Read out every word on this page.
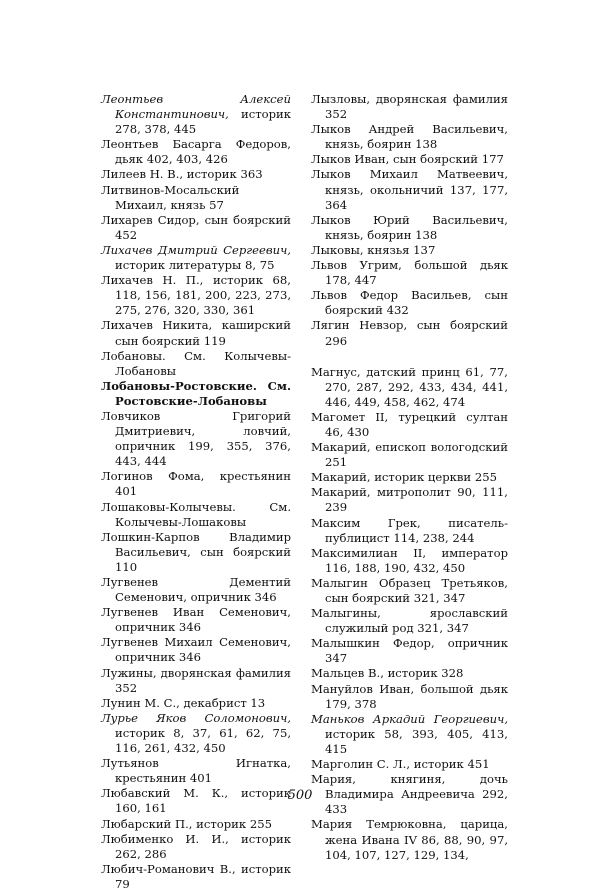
Леонтьев Алексей Константинович, историк 278, 378, 445
Леонтьев Басарга Федоров, дьяк 402, 403, 426
Лилеев Н. В., историк 363
Литвинов-Мосальский Михаил, князь 57
Лихарев Сидор, сын боярский 452
Лихачев Дмитрий Сергеевич, историк литературы 8, 75
Лихачев Н. П., историк 68, 118, 156, 181, 200, 223, 273, 275, 276, 320, 330, 361
Лихачев Никита, каширский сын боярский 119
Лобановы. См. Колычевы-Лобановы
Лобановы-Ростовские. См. Ростовские-Лобановы
Ловчиков Григорий Дмитриевич, ловчий, опричник 199, 355, 376, 443, 444
Логинов Фома, крестьянин 401
Лошаковы-Колычевы. См. Колычевы-Лошаковы
Лошкин-Карпов Владимир Васильевич, сын боярский 110
Лугвенев Дементий Семенович, опричник 346
Лугвенев Иван Семенович, опричник 346
Лугвенев Михаил Семенович, опричник 346
Лужины, дворянская фамилия 352
Лунин М. С., декабрист 13
Лурье Яков Соломонович, историк 8, 37, 61, 62, 75, 116, 261, 432, 450
Лутьянов Игнатка, крестьянин 401
Любавский М. К., историк 160, 161
Любарский П., историк 255
Любименко И. И., историк 262, 286
Любич-Романович В., историк 79
Лызловы, дворянская фамилия 352
Лыков Андрей Васильевич, князь, боярин 138
Лыков Иван, сын боярский 177
Лыков Михаил Матвеевич, князь, окольничий 137, 177, 364
Лыков Юрий Васильевич, князь, боярин 138
Лыковы, князья 137
Львов Угрим, большой дьяк 178, 447
Львов Федор Васильев, сын боярский 432
Лягин Невзор, сын боярский 296
Магнус, датский принц 61, 77, 270, 287, 292, 433, 434, 441, 446, 449, 458, 462, 474
Магомет II, турецкий султан 46, 430
Макарий, епископ вологодский 251
Макарий, историк церкви 255
Макарий, митрополит 90, 111, 239
Максим Грек, писатель-публицист 114, 238, 244
Максимилиан II, император 116, 188, 190, 432, 450
Малыгин Образец Третьяков, сын боярский 321, 347
Малыгины, ярославский служилый род 321, 347
Малышкин Федор, опричник 347
Мальцев В., историк 328
Мануйлов Иван, большой дьяк 179, 378
Маньков Аркадий Георгиевич, историк 58, 393, 405, 413, 415
Марголин С. Л., историк 451
Мария, княгиня, дочь Владимира Андреевича 292, 433
Мария Темрюковна, царица, жена Ивана IV 86, 88, 90, 97, 104, 107, 127, 129, 134,
500
